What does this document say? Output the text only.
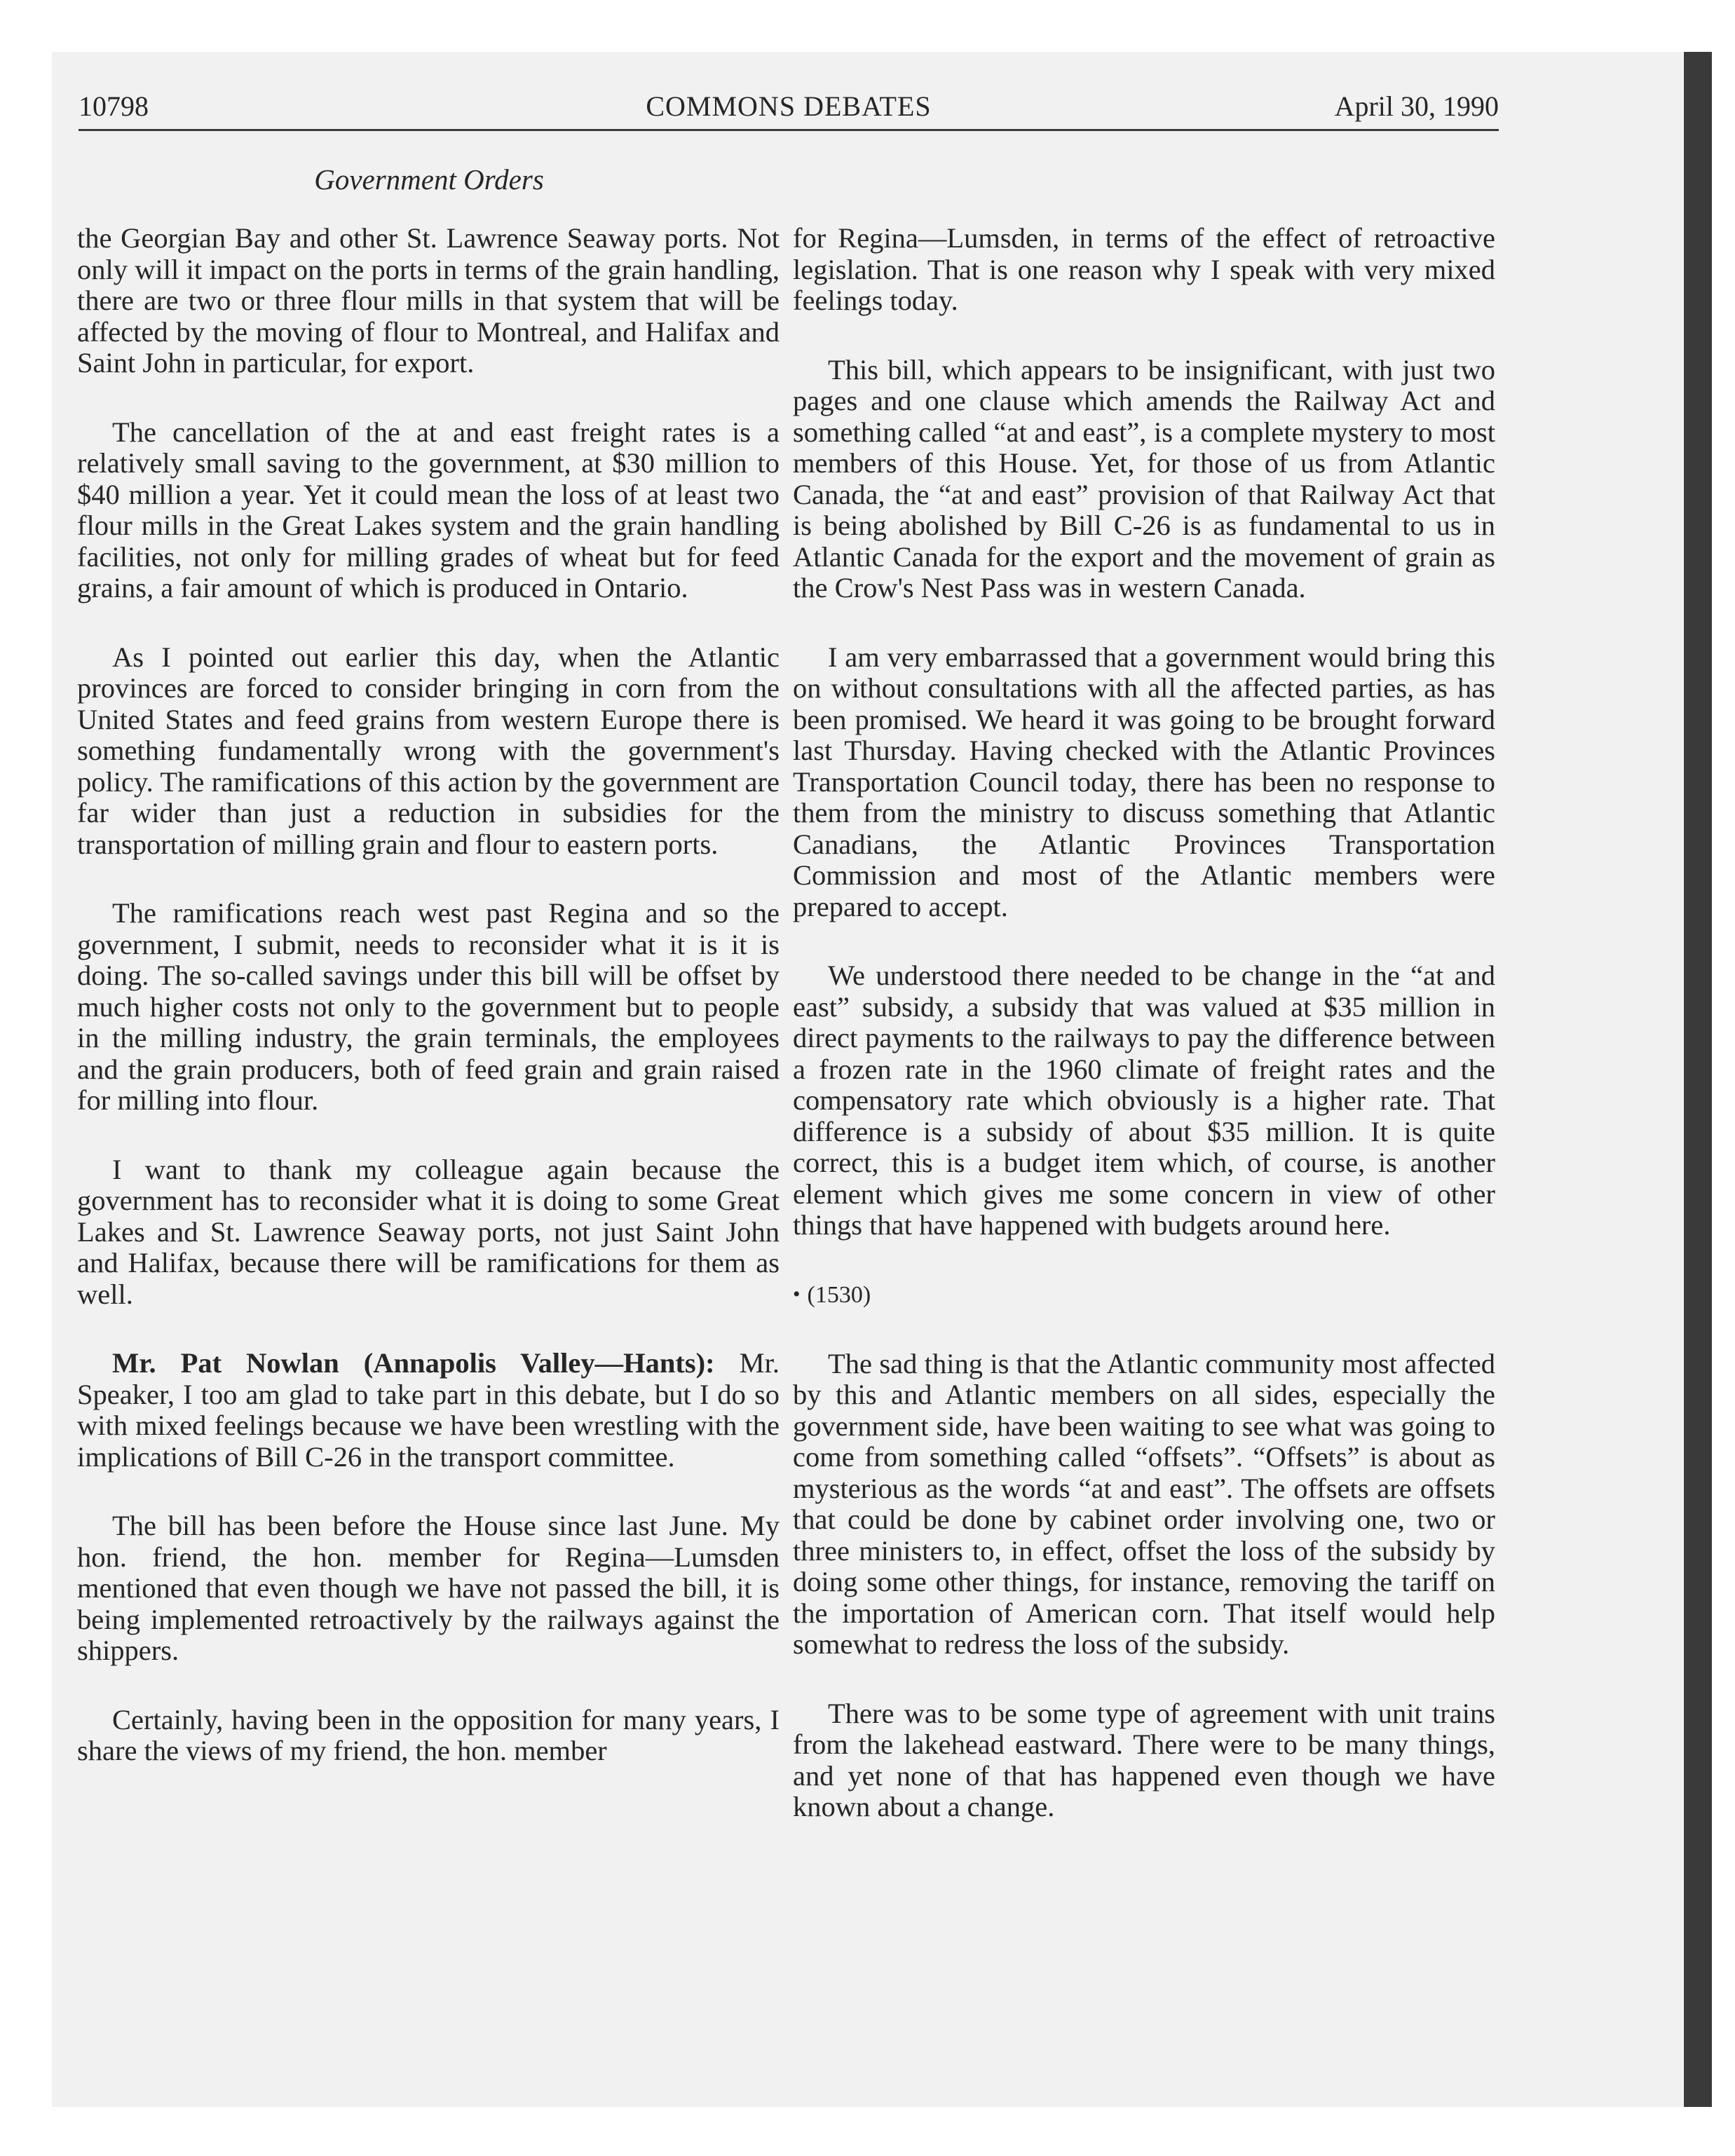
10798	COMMONS DEBATES	April 30, 1990
Government Orders

the Georgian Bay and other St. Lawrence Seaway ports. Not only will it impact on the ports in terms of the grain handling, there are two or three flour mills in that system that will be affected by the moving of flour to Montreal, and Halifax and Saint John in particular, for export.

The cancellation of the at and east freight rates is a relatively small saving to the government, at $30 million to $40 million a year. Yet it could mean the loss of at least two flour mills in the Great Lakes system and the grain handling facilities, not only for milling grades of wheat but for feed grains, a fair amount of which is produced in Ontario.

As I pointed out earlier this day, when the Atlantic provinces are forced to consider bringing in corn from the United States and feed grains from western Europe there is something fundamentally wrong with the government's policy. The ramifications of this action by the government are far wider than just a reduction in subsidies for the transportation of milling grain and flour to eastern ports.

The ramifications reach west past Regina and so the government, I submit, needs to reconsider what it is it is doing. The so-called savings under this bill will be offset by much higher costs not only to the government but to people in the milling industry, the grain terminals, the employees and the grain producers, both of feed grain and grain raised for milling into flour.

I want to thank my colleague again because the government has to reconsider what it is doing to some Great Lakes and St. Lawrence Seaway ports, not just Saint John and Halifax, because there will be ramifications for them as well.

Mr. Pat Nowlan (Annapolis Valley—Hants): Mr. Speaker, I too am glad to take part in this debate, but I do so with mixed feelings because we have been wrestling with the implications of Bill C-26 in the transport committee.

The bill has been before the House since last June. My hon. friend, the hon. member for Regina—Lumsden mentioned that even though we have not passed the bill, it is being implemented retroactively by the railways against the shippers.

Certainly, having been in the opposition for many years, I share the views of my friend, the hon. member

for Regina—Lumsden, in terms of the effect of retroactive legislation. That is one reason why I speak with very mixed feelings today.

This bill, which appears to be insignificant, with just two pages and one clause which amends the Railway Act and something called “at and east”, is a complete mystery to most members of this House. Yet, for those of us from Atlantic Canada, the “at and east” provision of that Railway Act that is being abolished by Bill C-26 is as fundamental to us in Atlantic Canada for the export and the movement of grain as the Crow's Nest Pass was in western Canada.

I am very embarrassed that a government would bring this on without consultations with all the affected parties, as has been promised. We heard it was going to be brought forward last Thursday. Having checked with the Atlantic Provinces Transportation Council today, there has been no response to them from the ministry to discuss something that Atlantic Canadians, the Atlantic Provinces Transportation Commission and most of the Atlantic members were prepared to accept.

We understood there needed to be change in the “at and east” subsidy, a subsidy that was valued at $35 million in direct payments to the railways to pay the difference between a frozen rate in the 1960 climate of freight rates and the compensatory rate which obviously is a higher rate. That difference is a subsidy of about $35 million. It is quite correct, this is a budget item which, of course, is another element which gives me some concern in view of other things that have happened with budgets around here.

• (1530)

The sad thing is that the Atlantic community most affected by this and Atlantic members on all sides, especially the government side, have been waiting to see what was going to come from something called “offsets”. “Offsets” is about as mysterious as the words “at and east”. The offsets are offsets that could be done by cabinet order involving one, two or three ministers to, in effect, offset the loss of the subsidy by doing some other things, for instance, removing the tariff on the importation of American corn. That itself would help somewhat to redress the loss of the subsidy.

There was to be some type of agreement with unit trains from the lakehead eastward. There were to be many things, and yet none of that has happened even though we have known about a change.
